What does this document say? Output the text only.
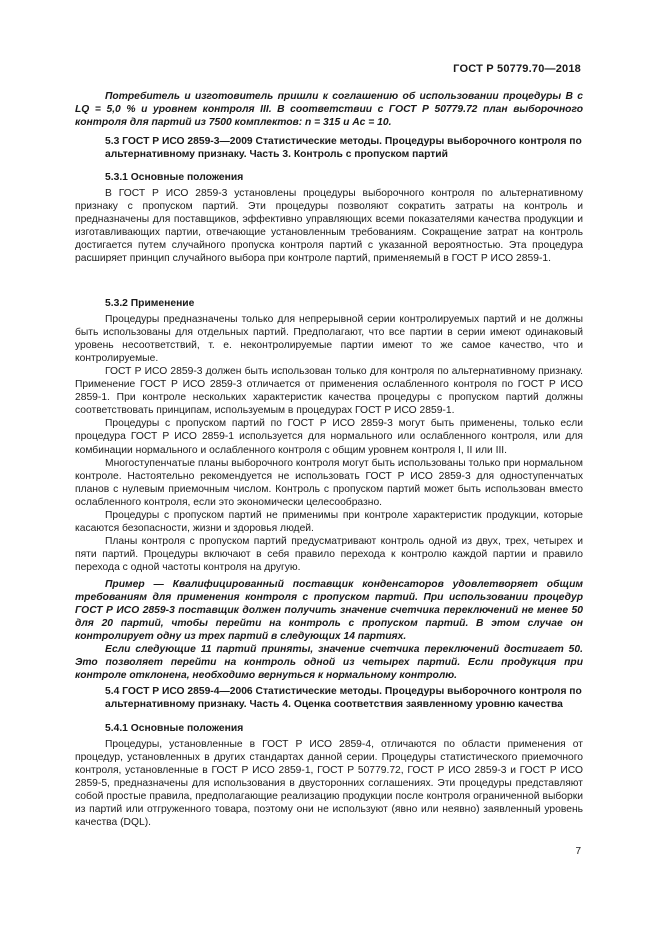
ГОСТ Р 50779.70—2018

Потребитель и изготовитель пришли к соглашению об использовании процедуры В с LQ = 5,0 % и уровнем контроля III. В соответствии с ГОСТ Р 50779.72 план выборочного контроля для партий из 7500 комплектов: n = 315 и Ac = 10.

5.3 ГОСТ Р ИСО 2859-3—2009 Статистические методы. Процедуры выборочного контроля по альтернативному признаку. Часть 3. Контроль с пропуском партий

5.3.1 Основные положения

В ГОСТ Р ИСО 2859-3 установлены процедуры выборочного контроля по альтернативному признаку с пропуском партий. Эти процедуры позволяют сократить затраты на контроль и предназначены для поставщиков, эффективно управляющих всеми показателями качества продукции и изготавливающих партии, отвечающие установленным требованиям. Сокращение затрат на контроль достигается путем случайного пропуска контроля партий с указанной вероятностью. Эта процедура расширяет принцип случайного выбора при контроле партий, применяемый в ГОСТ Р ИСО 2859-1.

5.3.2 Применение

Процедуры предназначены только для непрерывной серии контролируемых партий и не должны быть использованы для отдельных партий. Предполагают, что все партии в серии имеют одинаковый уровень несоответствий, т. е. неконтролируемые партии имеют то же самое качество, что и контролируемые.

ГОСТ Р ИСО 2859-3 должен быть использован только для контроля по альтернативному признаку. Применение ГОСТ Р ИСО 2859-3 отличается от применения ослабленного контроля по ГОСТ Р ИСО 2859-1. При контроле нескольких характеристик качества процедуры с пропуском партий должны соответствовать принципам, используемым в процедурах ГОСТ Р ИСО 2859-1.

Процедуры с пропуском партий по ГОСТ Р ИСО 2859-3 могут быть применены, только если процедура ГОСТ Р ИСО 2859-1 используется для нормального или ослабленного контроля, или для комбинации нормального и ослабленного контроля с общим уровнем контроля I, II или III.

Многоступенчатые планы выборочного контроля могут быть использованы только при нормальном контроле. Настоятельно рекомендуется не использовать ГОСТ Р ИСО 2859-3 для одноступенчатых планов с нулевым приемочным числом. Контроль с пропуском партий может быть использован вместо ослабленного контроля, если это экономически целесообразно.

Процедуры с пропуском партий не применимы при контроле характеристик продукции, которые касаются безопасности, жизни и здоровья людей.

Планы контроля с пропуском партий предусматривают контроль одной из двух, трех, четырех и пяти партий. Процедуры включают в себя правило перехода к контролю каждой партии и правило перехода с одной частоты контроля на другую.

Пример — Квалифицированный поставщик конденсаторов удовлетворяет общим требованиям для применения контроля с пропуском партий. При использовании процедур ГОСТ Р ИСО 2859-3 поставщик должен получить значение счетчика переключений не менее 50 для 20 партий, чтобы перейти на контроль с пропуском партий. В этом случае он контролирует одну из трех партий в следующих 14 партиях.

Если следующие 11 партий приняты, значение счетчика переключений достигает 50. Это позволяет перейти на контроль одной из четырех партий. Если продукция при контроле отклонена, необходимо вернуться к нормальному контролю.

5.4 ГОСТ Р ИСО 2859-4—2006 Статистические методы. Процедуры выборочного контроля по альтернативному признаку. Часть 4. Оценка соответствия заявленному уровню качества

5.4.1 Основные положения

Процедуры, установленные в ГОСТ Р ИСО 2859-4, отличаются по области применения от процедур, установленных в других стандартах данной серии. Процедуры статистического приемочного контроля, установленные в ГОСТ Р ИСО 2859-1, ГОСТ Р 50779.72, ГОСТ Р ИСО 2859-3 и ГОСТ Р ИСО 2859-5, предназначены для использования в двусторонних соглашениях. Эти процедуры представляют собой простые правила, предполагающие реализацию продукции после контроля ограниченной выборки из партий или отгруженного товара, поэтому они не используют (явно или неявно) заявленный уровень качества (DQL).

7
